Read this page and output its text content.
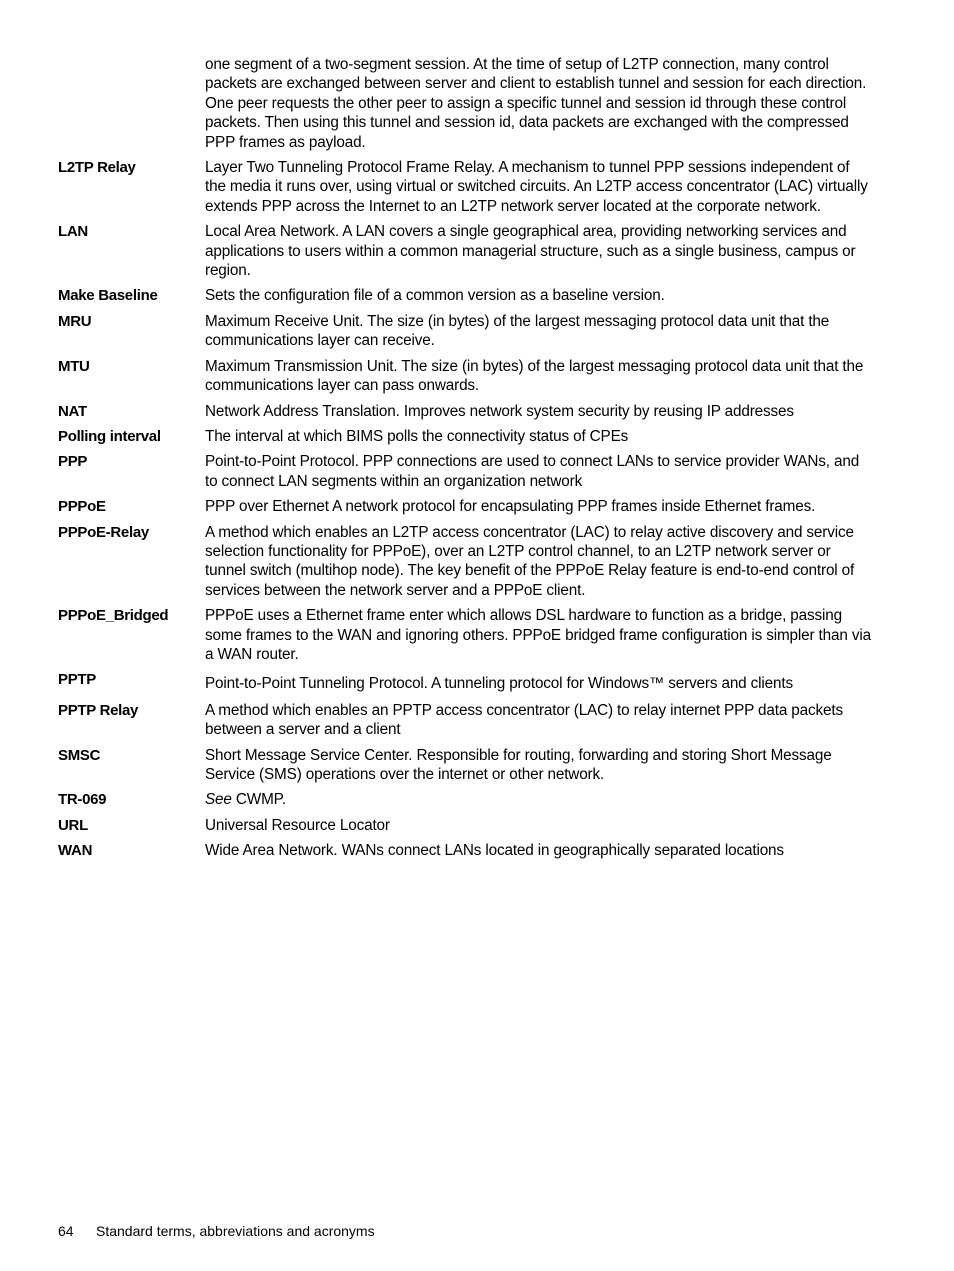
one segment of a two-segment session. At the time of setup of L2TP connection, many control packets are exchanged between server and client to establish tunnel and session for each direction. One peer requests the other peer to assign a specific tunnel and session id through these control packets. Then using this tunnel and session id, data packets are exchanged with the compressed PPP frames as payload.
L2TP Relay	Layer Two Tunneling Protocol Frame Relay. A mechanism to tunnel PPP sessions independent of the media it runs over, using virtual or switched circuits. An L2TP access concentrator (LAC) virtually extends PPP across the Internet to an L2TP network server located at the corporate network.
LAN	Local Area Network. A LAN covers a single geographical area, providing networking services and applications to users within a common managerial structure, such as a single business, campus or region.
Make Baseline	Sets the configuration file of a common version as a baseline version.
MRU	Maximum Receive Unit. The size (in bytes) of the largest messaging protocol data unit that the communications layer can receive.
MTU	Maximum Transmission Unit. The size (in bytes) of the largest messaging protocol data unit that the communications layer can pass onwards.
NAT	Network Address Translation. Improves network system security by reusing IP addresses
Polling interval	The interval at which BIMS polls the connectivity status of CPEs
PPP	Point-to-Point Protocol. PPP connections are used to connect LANs to service provider WANs, and to connect LAN segments within an organization network
PPPoE	PPP over Ethernet A network protocol for encapsulating PPP frames inside Ethernet frames.
PPPoE-Relay	A method which enables an L2TP access concentrator (LAC) to relay active discovery and service selection functionality for PPPoE), over an L2TP control channel, to an L2TP network server or tunnel switch (multihop node). The key benefit of the PPPoE Relay feature is end-to-end control of services between the network server and a PPPoE client.
PPPoE_Bridged	PPPoE uses a Ethernet frame enter which allows DSL hardware to function as a bridge, passing some frames to the WAN and ignoring others. PPPoE bridged frame configuration is simpler than via a WAN router.
PPTP	Point-to-Point Tunneling Protocol. A tunneling protocol for Windows™ servers and clients
PPTP Relay	A method which enables an PPTP access concentrator (LAC) to relay internet PPP data packets between a server and a client
SMSC	Short Message Service Center. Responsible for routing, forwarding and storing Short Message Service (SMS) operations over the internet or other network.
TR-069	See CWMP.
URL	Universal Resource Locator
WAN	Wide Area Network. WANs connect LANs located in geographically separated locations
64 Standard terms, abbreviations and acronyms
